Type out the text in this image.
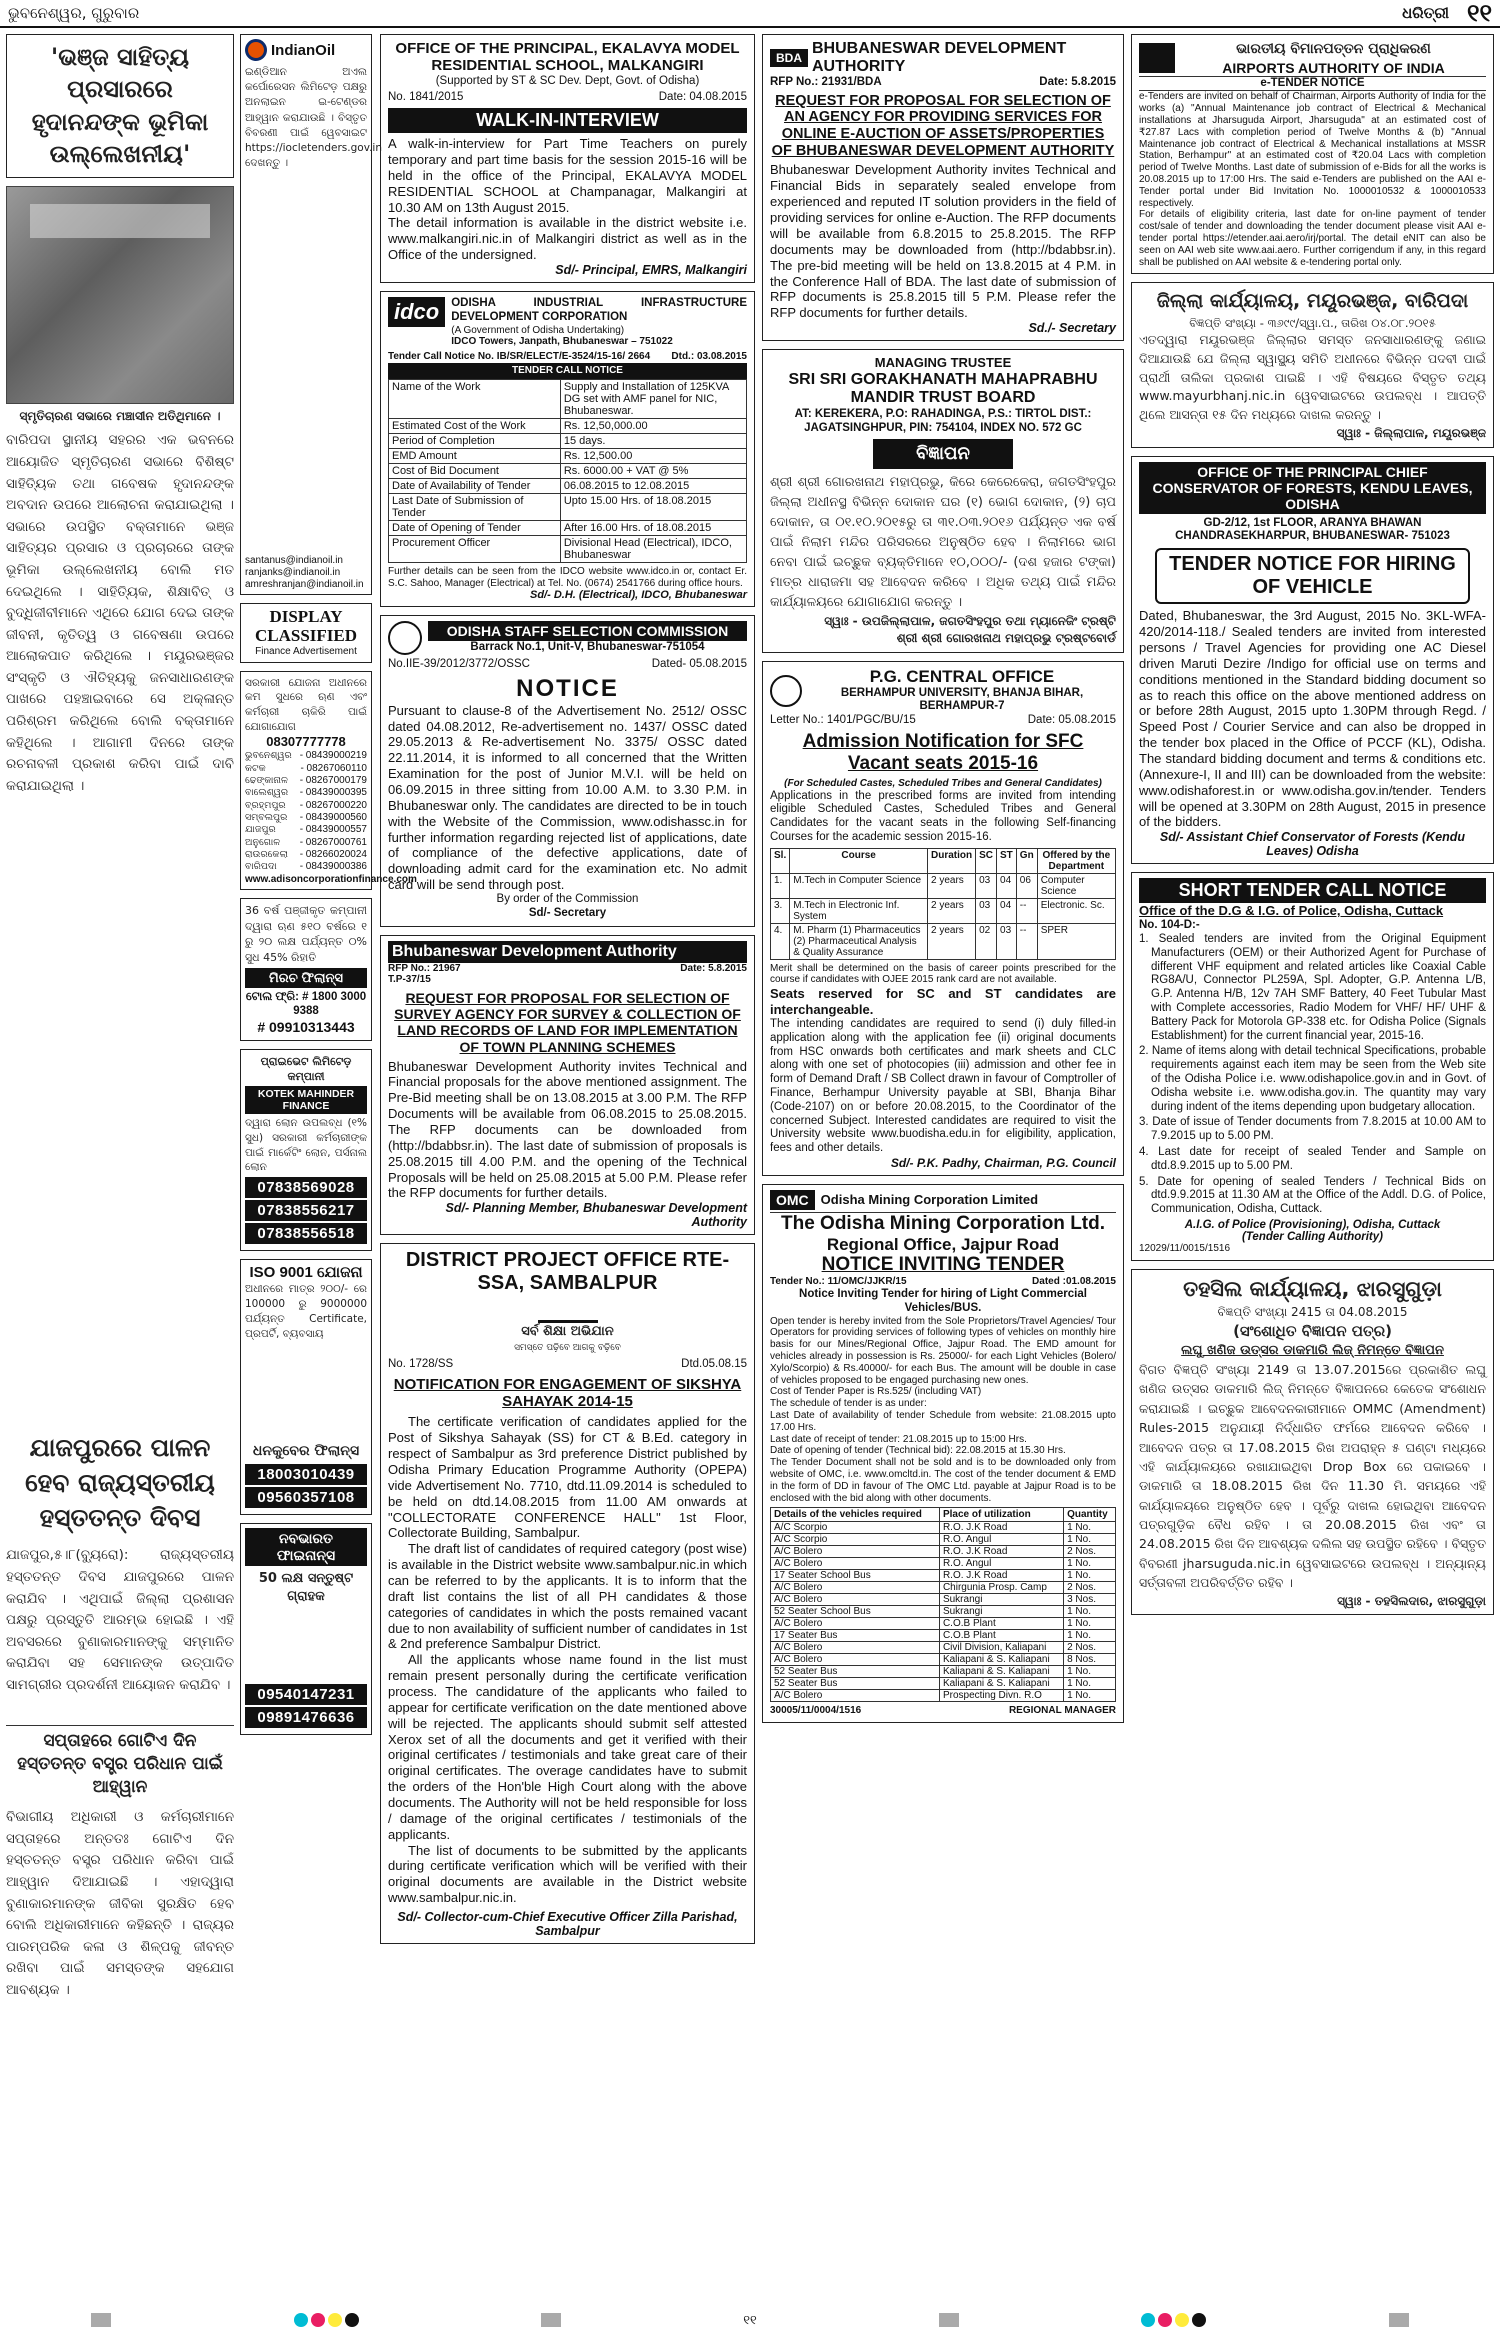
ଭୁବନେଶ୍ୱର, ଗୁରୁବାର	ଧରିତ୍ରୀ ୧୧
'ଭଞ୍ଜ ସାହିତ୍ୟ ପ୍ରସାରରେ ହୃଦାନନ୍ଦଙ୍କ ଭୂମିକା ଉଲ୍ଲେଖନୀୟ'
ସ୍ମୃତିଚାରଣ ସଭାରେ ମଞ୍ଚାସୀନ ଅତିଥିମାନେ ।
ବାରିପଦା ସ୍ଥାନୀୟ ସହରର ଏକ ଭବନରେ ଆୟୋଜିତ ସ୍ମୃତିଚାରଣ ସଭାରେ ବିଶିଷ୍ଟ ସାହିତ୍ୟିକ ତଥା ଗବେଷକ ହୃଦାନନ୍ଦଙ୍କ ଅବଦାନ ଉପରେ ଆଲୋଚନା କରାଯାଇଥିଲା । ସଭାରେ ଉପସ୍ଥିତ ବକ୍ତାମାନେ ଭଞ୍ଜ ସାହିତ୍ୟର ପ୍ରସାର ଓ ପ୍ରଚାରରେ ତାଙ୍କ ଭୂମିକା ଉଲ୍ଲେଖନୀୟ ବୋଲି ମତ ଦେଇଥିଲେ । ସାହିତ୍ୟିକ, ଶିକ୍ଷାବିତ୍ ଓ ବୁଦ୍ଧିଜୀବୀମାନେ ଏଥିରେ ଯୋଗ ଦେଇ ତାଙ୍କ ଜୀବନୀ, କୃତିତ୍ୱ ଓ ଗବେଷଣା ଉପରେ ଆଲୋକପାତ କରିଥିଲେ । ମୟୂରଭଞ୍ଜର ସଂସ୍କୃତି ଓ ଐତିହ୍ୟକୁ ଜନସାଧାରଣଙ୍କ ପାଖରେ ପହଞ୍ଚାଇବାରେ ସେ ଅକ୍ଳାନ୍ତ ପରିଶ୍ରମ କରିଥିଲେ ବୋଲି ବକ୍ତାମାନେ କହିଥିଲେ । ଆଗାମୀ ଦିନରେ ତାଙ୍କ ରଚନାବଳୀ ପ୍ରକାଶ କରିବା ପାଇଁ ଦାବି କରାଯାଇଥିଲା ।
ଯାଜପୁରରେ ପାଳନ ହେବ ରାଜ୍ୟସ୍ତରୀୟ ହସ୍ତତନ୍ତ ଦିବସ
ଯାଜପୁର,୫।୮(ବ୍ୟୁରୋ): ରାଜ୍ୟସ୍ତରୀୟ ହସ୍ତତନ୍ତ ଦିବସ ଯାଜପୁରରେ ପାଳନ କରାଯିବ । ଏଥିପାଇଁ ଜିଲ୍ଲା ପ୍ରଶାସନ ପକ୍ଷରୁ ପ୍ରସ୍ତୁତି ଆରମ୍ଭ ହୋଇଛି । ଏହି ଅବସରରେ ବୁଣାକାରମାନଙ୍କୁ ସମ୍ମାନିତ କରାଯିବା ସହ ସେମାନଙ୍କ ଉତ୍ପାଦିତ ସାମଗ୍ରୀର ପ୍ରଦର୍ଶନୀ ଆୟୋଜନ କରାଯିବ ।
ସପ୍ତାହରେ ଗୋଟିଏ ଦିନ ହସ୍ତତନ୍ତ ବସ୍ତ୍ର ପରିଧାନ ପାଇଁ ଆହ୍ୱାନ
ବିଭାଗୀୟ ଅଧିକାରୀ ଓ କର୍ମଚାରୀମାନେ ସପ୍ତାହରେ ଅନ୍ତତଃ ଗୋଟିଏ ଦିନ ହସ୍ତତନ୍ତ ବସ୍ତ୍ର ପରିଧାନ କରିବା ପାଇଁ ଆହ୍ୱାନ ଦିଆଯାଇଛି । ଏହାଦ୍ୱାରା ବୁଣାକାରମାନଙ୍କ ଜୀବିକା ସୁରକ୍ଷିତ ହେବ ବୋଲି ଅଧିକାରୀମାନେ କହିଛନ୍ତି । ରାଜ୍ୟର ପାରମ୍ପରିକ କଳା ଓ ଶିଳ୍ପକୁ ଜୀବନ୍ତ ରଖିବା ପାଇଁ ସମସ୍ତଙ୍କ ସହଯୋଗ ଆବଶ୍ୟକ ।
IndianOil
ଇଣ୍ଡିଆନ ଅଏଲ କର୍ପୋରେସନ ଲିମିଟେଡ଼ ପକ୍ଷରୁ ଅନଲାଇନ ଇ-ଟେଣ୍ଡର ଆହ୍ୱାନ କରାଯାଉଛି । ବିସ୍ତୃତ ବିବରଣୀ ପାଇଁ ୱେବସାଇଟ https://iocletenders.gov.in ଦେଖନ୍ତୁ ।
santanus@indianoil.in
ranjanks@indianoil.in
amreshranjan@indianoil.in
DISPLAY CLASSIFIED
Finance Advertisement
ସରକାରୀ ଯୋଜନା ଅଧୀନରେ କମ ସୁଧରେ ଋଣ ଏବଂ କର୍ମଚାରୀ ଚାକିରି ପାଇଁ ଯୋଗାଯୋଗ
08307777778
ଭୁବନେଶ୍ୱର - 08439000219
କଟକ	- 08267060110
ଢେଙ୍କାନାଳ - 08267000179
ବାଲେଶ୍ୱର - 08439000395
ବ୍ରହ୍ମପୁର - 08267000220
ସମ୍ବଲପୁର - 08439000560
ଯାଜପୁର - 08439000557
ଅନୁଗୋଳ - 08267000761
ରାଉରକେଲା - 08266020024
ବାରିପଦା - 08439000386
www.adisoncorporationfinance.com
36 ବର୍ଷ ପଞ୍ଜୀକୃତ କମ୍ପାନୀ ଦ୍ୱାରା ଋଣ ୫୧୦ ବର୍ଷରେ ୧ ରୁ ୨୦ ଲକ୍ଷ ପର୍ଯ୍ୟନ୍ତ ୦% ସୁଧ 45% ରିହାତି
ମିରଚ ଫିଲାନ୍ସ
ଟୋଲ ଫ୍ରି: # 1800 3000 9388
# 09910313443
ପ୍ରାଇଭେଟ ଲିମିଟେଡ଼ କମ୍ପାନୀ
KOTEK MAHINDER FINANCE
ଦ୍ୱାରା ଲୋନ ଉପଲବ୍ଧ (୧% ସୁଧ) ସରକାରୀ କର୍ମଚାରୀଙ୍କ ପାଇଁ ମାର୍କେଟିଂ ଲୋନ, ପର୍ସନାଲ ଲୋନ
07838569028
07838556217
07838556518
ISO 9001 ଯୋଜନା
ଅଧୀନରେ ମାତ୍ର ୨୦୦/- ରେ 100000 ରୁ 9000000 ପର୍ଯ୍ୟନ୍ତ Certificate, ପ୍ରପର୍ଟି, ବ୍ୟବସାୟ
ଧନକୁବେର ଫିଲାନ୍ସ
18003010439
09560357108
ନବଭାରତ ଫାଇନାନ୍ସ
50 ଲକ୍ଷ ସନ୍ତୁଷ୍ଟ ଗ୍ରାହକ
09540147231
09891476636
OFFICE OF THE PRINCIPAL, EKALAVYA MODEL RESIDENTIAL SCHOOL, MALKANGIRI
(Supported by ST & SC Dev. Dept, Govt. of Odisha)
No. 1841/2015	Date: 04.08.2015
WALK-IN-INTERVIEW
A walk-in-interview for Part Time Teachers on purely temporary and part time basis for the session 2015-16 will be held in the office of the Principal, EKALAVYA MODEL RESIDENTIAL SCHOOL at Champanagar, Malkangiri at 10.30 AM on 13th August 2015.
The detail information is available in the district website i.e. www.malkangiri.nic.in of Malkangiri district as well as in the Office of the undersigned.
Sd/- Principal, EMRS, Malkangiri
idco	ODISHA INDUSTRIAL INFRASTRUCTURE DEVELOPMENT CORPORATION
(A Government of Odisha Undertaking)
IDCO Towers, Janpath, Bhubaneswar – 751022
Tender Call Notice No. IB/SR/ELECT/E-3524/15-16/ 2664 Dtd.: 03.08.2015
TENDER CALL NOTICE
Name of the Work	Supply and Installation of 125KVA DG set with AMF panel for NIC, Bhubaneswar.
Estimated Cost of the Work	Rs. 12,50,000.00
Period of Completion	15 days.
EMD Amount	Rs. 12,500.00
Cost of Bid Document	Rs. 6000.00 + VAT @ 5%
Date of Availability of Tender	06.08.2015 to 12.08.2015
Last Date of Submission of Tender	Upto 15.00 Hrs. of 18.08.2015
Date of Opening of Tender	After 16.00 Hrs. of 18.08.2015
Procurement Officer	Divisional Head (Electrical), IDCO, Bhubaneswar
Further details can be seen from the IDCO website www.idco.in or, contact Er. S.C. Sahoo, Manager (Electrical) at Tel. No. (0674) 2541766 during office hours.
Sd/- D.H. (Electrical), IDCO, Bhubaneswar
ODISHA STAFF SELECTION COMMISSION
Barrack No.1, Unit-V, Bhubaneswar-751054
No.IIE-39/2012/3772/OSSC	Dated- 05.08.2015
NOTICE
Pursuant to clause-8 of the Advertisement No. 2512/ OSSC dated 04.08.2012, Re-advertisement no. 1437/ OSSC dated 29.05.2013 & Re-advertisement No. 3375/ OSSC dated 22.11.2014, it is informed to all concerned that the Written Examination for the post of Junior M.V.I. will be held on 06.09.2015 in three sitting from 10.00 A.M. to 3.30 P.M. in Bhubaneswar only. The candidates are directed to be in touch with the Website of the Commission, www.odishassc.in for further information regarding rejected list of applications, date of compliance of the defective applications, date of downloading admit card for the examination etc. No admit card will be send through post.
By order of the Commission
Sd/- Secretary
Bhubaneswar Development Authority
RFP No.: 21967
T.P-37/15
Date: 5.8.2015
REQUEST FOR PROPOSAL FOR SELECTION OF SURVEY AGENCY FOR SURVEY & COLLECTION OF LAND RECORDS OF LAND FOR IMPLEMENTATION OF TOWN PLANNING SCHEMES
Bhubaneswar Development Authority invites Technical and Financial proposals for the above mentioned assignment. The Pre-Bid meeting shall be on 13.08.2015 at 3.00 P.M. The RFP Documents will be available from 06.08.2015 to 25.08.2015. The RFP documents can be downloaded from (http://bdabbsr.in). The last date of submission of proposals is 25.08.2015 till 4.00 P.M. and the opening of the Technical Proposals will be held on 25.08.2015 at 5.00 P.M. Please refer the RFP documents for further details.
Sd/- Planning Member, Bhubaneswar Development Authority
DISTRICT PROJECT OFFICE RTE-SSA, SAMBALPUR
ସର୍ବ ଶିକ୍ଷା ଅଭିଯାନ
ସମସ୍ତେ ପଢ଼ିବେ ଆଗକୁ ବଢ଼ିବେ
No. 1728/SS	Dtd.05.08.15
NOTIFICATION FOR ENGAGEMENT OF SIKSHYA SAHAYAK 2014-15
The certificate verification of candidates applied for the Post of Sikshya Sahayak (SS) for CT & B.Ed. category in respect of Sambalpur as 3rd preference District published by Odisha Primary Education Programme Authority (OPEPA) vide Advertisement No. 7710, dtd.11.09.2014 is scheduled to be held on dtd.14.08.2015 from 11.00 AM onwards at "COLLECTORATE CONFERENCE HALL" 1st Floor, Collectorate Building, Sambalpur.
The draft list of candidates of required category (post wise) is available in the District website www.sambalpur.nic.in which can be referred to by the applicants. It is to inform that the draft list contains the list of all PH candidates & those categories of candidates in which the posts remained vacant due to non availability of sufficient number of candidates in 1st & 2nd preference Sambalpur District.
All the applicants whose name found in the list must remain present personally during the certificate verification process. The candidature of the applicants who failed to appear for certificate verification on the date mentioned above will be rejected. The applicants should submit self attested Xerox set of all the documents and get it verified with their original certificates / testimonials and take great care of their original certificates. The overage candidates have to submit the orders of the Hon'ble High Court along with the above documents. The Authority will not be held responsible for loss / damage of the original certificates / testimonials of the applicants.
The list of documents to be submitted by the applicants during certificate verification which will be verified with their original documents are available in the District website www.sambalpur.nic.in.
Sd/- Collector-cum-Chief Executive Officer Zilla Parishad, Sambalpur
BDA
BHUBANESWAR DEVELOPMENT AUTHORITY
RFP No.: 21931/BDA	Date: 5.8.2015
REQUEST FOR PROPOSAL FOR SELECTION OF AN AGENCY FOR PROVIDING SERVICES FOR ONLINE E-AUCTION OF ASSETS/PROPERTIES OF BHUBANESWAR DEVELOPMENT AUTHORITY
Bhubaneswar Development Authority invites Technical and Financial Bids in separately sealed envelope from experienced and reputed IT solution providers in the field of providing services for online e-Auction. The RFP documents will be available from 6.8.2015 to 25.8.2015. The RFP documents may be downloaded from (http://bdabbsr.in). The pre-bid meeting will be held on 13.8.2015 at 4 P.M. in the Conference Hall of BDA. The last date of submission of RFP documents is 25.8.2015 till 5 P.M. Please refer the RFP documents for further details.
Sd./- Secretary
MANAGING TRUSTEE
SRI SRI GORAKHANATH MAHAPRABHU MANDIR TRUST BOARD
AT: KEREKERA, P.O: RAHADINGA, P.S.: TIRTOL DIST.: JAGATSINGHPUR, PIN: 754104, INDEX NO. 572 GC
ବିଜ୍ଞାପନ
ଶ୍ରୀ ଶ୍ରୀ ଗୋରଖନାଥ ମହାପ୍ରଭୁ, କିରେ କେରେକେରା, ଜଗତସିଂହପୁର ଜିଲ୍ଲା ଅଧୀନସ୍ଥ ବିଭିନ୍ନ ଦୋକାନ ଘର (୧) ଭୋଗ ଦୋକାନ, (୨) ଚାପ ଦୋକାନ, ତା ୦୧.୧୦.୨୦୧୫ରୁ ତା ୩୧.୦୩.୨୦୧୬ ପର୍ଯ୍ୟନ୍ତ ଏକ ବର୍ଷ ପାଇଁ ନିଲାମ ମନ୍ଦିର ପରିସରରେ ଅନୁଷ୍ଠିତ ହେବ । ନିଲାମରେ ଭାଗ ନେବା ପାଇଁ ଇଚ୍ଛୁକ ବ୍ୟକ୍ତିମାନେ ୧୦,୦୦୦/- (ଦଶ ହଜାର ଟଙ୍କା) ମାତ୍ର ଧାରାଜମା ସହ ଆବେଦନ କରିବେ । ଅଧିକ ତଥ୍ୟ ପାଇଁ ମନ୍ଦିର କାର୍ଯ୍ୟାଳୟରେ ଯୋଗାଯୋଗ କରନ୍ତୁ ।
ସ୍ୱାଃ - ଉପଜିଲ୍ଲାପାଳ, ଜଗତସିଂହପୁର ତଥା ମ୍ୟାନେଜିଂ ଟ୍ରଷ୍ଟି
ଶ୍ରୀ ଶ୍ରୀ ଗୋରଖନାଥ ମହାପ୍ରଭୁ ଟ୍ରଷ୍ଟବୋର୍ଡ
P.G. CENTRAL OFFICE
BERHAMPUR UNIVERSITY, BHANJA BIHAR, BERHAMPUR-7
Letter No.: 1401/PGC/BU/15	Date: 05.08.2015
Admission Notification for SFC Vacant seats 2015-16
(For Scheduled Castes, Scheduled Tribes and General Candidates)
Applications in the prescribed forms are invited from intending eligible Scheduled Castes, Scheduled Tribes and General Candidates for the vacant seats in the following Self-financing Courses for the academic session 2015-16.
Sl.	Course	Duration	SC	ST	Gn	Offered by the Department
1.	M.Tech in Computer Science	2 years	03	04	06	Computer Science
3.	M.Tech in Electronic Inf. System	2 years	03	04	--	Electronic. Sc.
4.	M. Pharm (1) Pharmaceutics (2) Pharmaceutical Analysis & Quality Assurance	2 years	02	03	--	SPER
Merit shall be determined on the basis of career points prescribed for the course if candidates with OJEE 2015 rank card are not available.
Seats reserved for SC and ST candidates are interchangeable.
The intending candidates are required to send (i) duly filled-in application along with the application fee (ii) original documents from HSC onwards both certificates and mark sheets and CLC along with one set of photocopies (iii) admission and other fee in form of Demand Draft / SB Collect drawn in favour of Comptroller of Finance, Berhampur University payable at SBI, Bhanja Bihar (Code-2107) on or before 20.08.2015, to the Coordinator of the concerned Subject. Interested candidates are required to visit the University website www.buodisha.edu.in for eligibility, application, fees and other details.
Sd/- P.K. Padhy, Chairman, P.G. Council
OMC Odisha Mining Corporation Limited
The Odisha Mining Corporation Ltd.
Regional Office, Jajpur Road
NOTICE INVITING TENDER
Tender No.: 11/OMC/JJKR/15	Dated :01.08.2015
Notice Inviting Tender for hiring of Light Commercial Vehicles/BUS.
Open tender is hereby invited from the Sole Proprietors/Travel Agencies/ Tour Operators for providing services of following types of vehicles on monthly hire basis for our Mines/Regional Office, Jajpur Road. The EMD amount for vehicles already in possession is Rs. 25000/- for each Light Vehicles (Bolero/ Xylo/Scorpio) & Rs.40000/- for each Bus. The amount will be double in case of vehicles proposed to be engaged purchasing new ones.
Cost of Tender Paper is Rs.525/ (including VAT)
The schedule of tender is as under:
Last Date of availability of tender Schedule from website: 21.08.2015 upto 17.00 Hrs.
Last date of receipt of tender: 21.08.2015 up to 15:00 Hrs.
Date of opening of tender (Technical bid): 22.08.2015 at 15.30 Hrs.
The Tender Document shall not be sold and is to be downloaded only from website of OMC, i.e. www.omcltd.in. The cost of the tender document & EMD in the form of DD in favour of The OMC Ltd. payable at Jajpur Road is to be enclosed with the bid along with other documents.
Details of the vehicles required	Place of utilization	Quantity
A/C Scorpio	R.O. J.K Road	1 No.
A/C Scorpio	R.O. Angul	1 No.
A/C Bolero	R.O. J.K Road	2 Nos.
A/C Bolero	R.O. Angul	1 No.
17 Seater School Bus	R.O. J.K Road	1 No.
A/C Bolero	Chirgunia Prosp. Camp	2 Nos.
A/C Bolero	Sukrangi	3 Nos.
52 Seater School Bus	Sukrangi	1 No.
A/C Bolero	C.O.B Plant	1 No.
17 Seater Bus	C.O.B Plant	1 No.
A/C Bolero	Civil Division, Kaliapani	2 Nos.
A/C Bolero	Kaliapani & S. Kaliapani	8 Nos.
52 Seater Bus	Kaliapani & S. Kaliapani	1 No.
52 Seater Bus	Kaliapani & S. Kaliapani	1 No.
A/C Bolero	Prospecting Divn. R.O	1 No.
30005/11/0004/1516	REGIONAL MANAGER
ଭାରତୀୟ ବିମାନପତ୍ତନ ପ୍ରାଧିକରଣ
AIRPORTS AUTHORITY OF INDIA
e-TENDER NOTICE
e-Tenders are invited on behalf of Chairman, Airports Authority of India for the works (a) "Annual Maintenance job contract of Electrical & Mechanical installations at Jharsuguda Airport, Jharsuguda" at an estimated cost of ₹27.87 Lacs with completion period of Twelve Months & (b) "Annual Maintenance job contract of Electrical & Mechanical installations at MSSR Station, Berhampur" at an estimated cost of ₹20.04 Lacs with completion period of Twelve Months. Last date of submission of e-Bids for all the works is 20.08.2015 up to 17:00 Hrs. The said e-Tenders are published on the AAI e-Tender portal under Bid Invitation No. 1000010532 & 1000010533 respectively.
For details of eligibility criteria, last date for on-line payment of tender cost/sale of tender and downloading the tender document please visit AAI e-tender portal https://etender.aai.aero/irj/portal. The detail eNIT can also be seen on AAI web site www.aai.aero. Further corrigendum if any, in this regard shall be published on AAI website & e-tendering portal only.
ଜିଲ୍ଲା କାର୍ଯ୍ୟାଳୟ, ମୟୂରଭଞ୍ଜ, ବାରିପଦା
ବିଜ୍ଞପ୍ତି ସଂଖ୍ୟା - ୩୬୯୯/ସ୍ୱା.ପ., ତାରିଖ ୦୪.୦୮.୨୦୧୫
ଏତଦ୍ୱାରା ମୟୂରଭଞ୍ଜ ଜିଲ୍ଲାର ସମସ୍ତ ଜନସାଧାରଣଙ୍କୁ ଜଣାଇ ଦିଆଯାଉଛି ଯେ ଜିଲ୍ଲା ସ୍ୱାସ୍ଥ୍ୟ ସମିତି ଅଧୀନରେ ବିଭିନ୍ନ ପଦବୀ ପାଇଁ ପ୍ରାର୍ଥୀ ତାଲିକା ପ୍ରକାଶ ପାଇଛି । ଏହି ବିଷୟରେ ବିସ୍ତୃତ ତଥ୍ୟ www.mayurbhanj.nic.in ୱେବସାଇଟରେ ଉପଲବ୍ଧ । ଆପତ୍ତି ଥିଲେ ଆସନ୍ତା ୧୫ ଦିନ ମଧ୍ୟରେ ଦାଖଲ କରନ୍ତୁ ।
ସ୍ୱାଃ - ଜିଲ୍ଲାପାଳ, ମୟୂରଭଞ୍ଜ
OFFICE OF THE PRINCIPAL CHIEF CONSERVATOR OF FORESTS, KENDU LEAVES, ODISHA
GD-2/12, 1st FLOOR, ARANYA BHAWAN CHANDRASEKHARPUR, BHUBANESWAR- 751023
TENDER NOTICE FOR HIRING OF VEHICLE
Dated, Bhubaneswar, the 3rd August, 2015 No. 3KL-WFA-420/2014-118./ Sealed tenders are invited from interested persons / Travel Agencies for providing one AC Diesel driven Maruti Dezire /Indigo for official use on terms and conditions mentioned in the Standard bidding document so as to reach this office on the above mentioned address on or before 28th August, 2015 upto 1.30PM through Regd. / Speed Post / Courier Service and can also be dropped in the tender box placed in the Office of PCCF (KL), Odisha. The standard bidding document and terms & conditions etc. (Annexure-I, II and III) can be downloaded from the website: www.odishaforest.in or www.odisha.gov.in/tender. Tenders will be opened at 3.30PM on 28th August, 2015 in presence of the bidders.
Sd/- Assistant Chief Conservator of Forests (Kendu Leaves) Odisha
SHORT TENDER CALL NOTICE
Office of the D.G & I.G. of Police, Odisha, Cuttack
No. 104-D:-
1. Sealed tenders are invited from the Original Equipment Manufacturers (OEM) or their Authorized Agent for Purchase of different VHF equipment and related articles like Coaxial Cable RG8A/U, Connector PL259A, Spl. Adopter, G.P. Antenna L/B, G.P. Antenna H/B, 12v 7AH SMF Battery, 40 Feet Tubular Mast with Complete accessories, Radio Modem for VHF/ HF/ UHF & Battery Pack for Motorola GP-338 etc. for Odisha Police (Signals Establishment) for the current financial year, 2015-16.
2. Name of items along with detail technical Specifications, probable requirements against each item may be seen from the Web site of the Odisha Police i.e. www.odishapolice.gov.in and in Govt. of Odisha website i.e. www.odisha.gov.in. The quantity may vary during indent of the items depending upon budgetary allocation.
3. Date of issue of Tender documents from 7.8.2015 at 10.00 AM to 7.9.2015 up to 5.00 PM.
4. Last date for receipt of sealed Tender and Sample on dtd.8.9.2015 up to 5.00 PM.
5. Date for opening of sealed Tenders / Technical Bids on dtd.9.9.2015 at 11.30 AM at the Office of the Addl. D.G. of Police, Communication, Odisha, Cuttack.
A.I.G. of Police (Provisioning), Odisha, Cuttack
(Tender Calling Authority)
12029/11/0015/1516
ତହସିଲ କାର୍ଯ୍ୟାଳୟ, ଝାରସୁଗୁଡ଼ା
ବିଜ୍ଞପ୍ତି ସଂଖ୍ୟା 2415 ତା 04.08.2015
(ସଂଶୋଧିତ ବିଜ୍ଞାପନ ପତ୍ର)
ଲଘୁ ଖଣିଜ ଉତ୍ସର ଡାକମାରି ଲିଜ୍ ନିମନ୍ତେ ବିଜ୍ଞାପନ
ବିଗତ ବିଜ୍ଞପ୍ତି ସଂଖ୍ୟା 2149 ତା 13.07.2015ରେ ପ୍ରକାଶିତ ଲଘୁ ଖଣିଜ ଉତ୍ସର ଡାକମାରି ଲିଜ୍ ନିମନ୍ତେ ବିଜ୍ଞାପନରେ କେତେକ ସଂଶୋଧନ କରାଯାଇଛି । ଇଚ୍ଛୁକ ଆବେଦନକାରୀମାନେ OMMC (Amendment) Rules-2015 ଅନୁଯାୟୀ ନିର୍ଦ୍ଧାରିତ ଫର୍ମରେ ଆବେଦନ କରିବେ । ଆବେଦନ ପତ୍ର ତା 17.08.2015 ରିଖ ଅପରାହ୍ନ ୫ ଘଣ୍ଟା ମଧ୍ୟରେ ଏହି କାର୍ଯ୍ୟାଳୟରେ ରଖାଯାଇଥିବା Drop Box ରେ ପକାଇବେ । ଡାକମାରି ତା 18.08.2015 ରିଖ ଦିନ 11.30 ମି. ସମୟରେ ଏହି କାର୍ଯ୍ୟାଳୟରେ ଅନୁଷ୍ଠିତ ହେବ । ପୂର୍ବରୁ ଦାଖଲ ହୋଇଥିବା ଆବେଦନ ପତ୍ରଗୁଡ଼ିକ ବୈଧ ରହିବ । ତା 20.08.2015 ରିଖ ଏବଂ ତା 24.08.2015 ରିଖ ଦିନ ଆବଶ୍ୟକ ଦଲିଲ ସହ ଉପସ୍ଥିତ ରହିବେ । ବିସ୍ତୃତ ବିବରଣୀ jharsuguda.nic.in ୱେବସାଇଟରେ ଉପଲବ୍ଧ । ଅନ୍ୟାନ୍ୟ ସର୍ତ୍ତାବଳୀ ଅପରିବର୍ତ୍ତିତ ରହିବ ।
ସ୍ୱାଃ - ତହସିଲଦାର, ଝାରସୁଗୁଡ଼ା
୧୧
